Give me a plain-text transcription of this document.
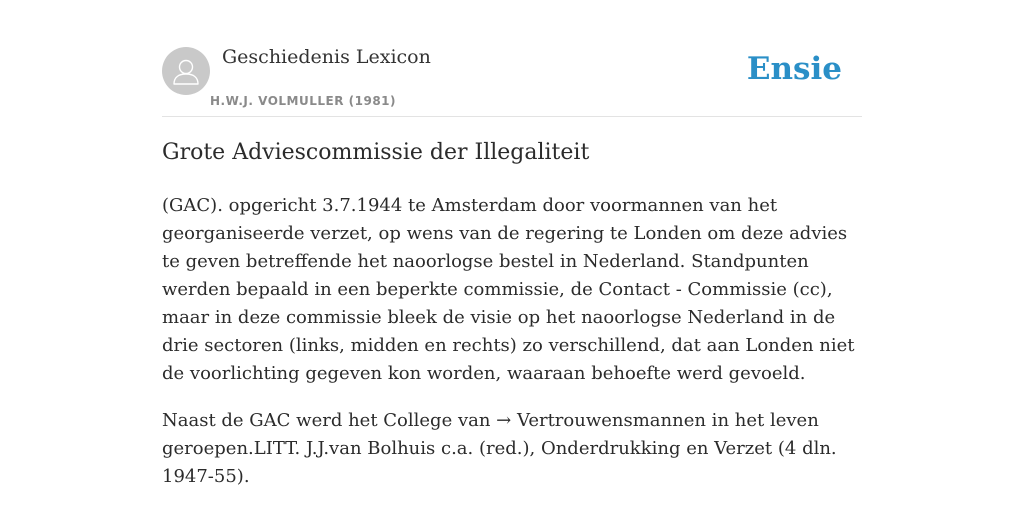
Geschiedenis Lexicon
H.W.J. VOLMULLER (1981)
Ensie
Grote Adviescommissie der Illegaliteit

(GAC). opgericht 3.7.1944 te Amsterdam door voormannen van het georganiseerde verzet, op wens van de regering te Londen om deze advies te geven betreffende het naoorlogse bestel in Nederland. Standpunten werden bepaald in een beperkte commissie, de Contact - Commissie (cc), maar in deze commissie bleek de visie op het naoorlogse Nederland in de drie sectoren (links, midden en rechts) zo verschillend, dat aan Londen niet de voorlichting gegeven kon worden, waaraan behoefte werd gevoeld.

Naast de GAC werd het College van → Vertrouwensmannen in het leven geroepen.LITT. J.J.van Bolhuis c.a. (red.), Onderdrukking en Verzet (4 dln. 1947-55).
